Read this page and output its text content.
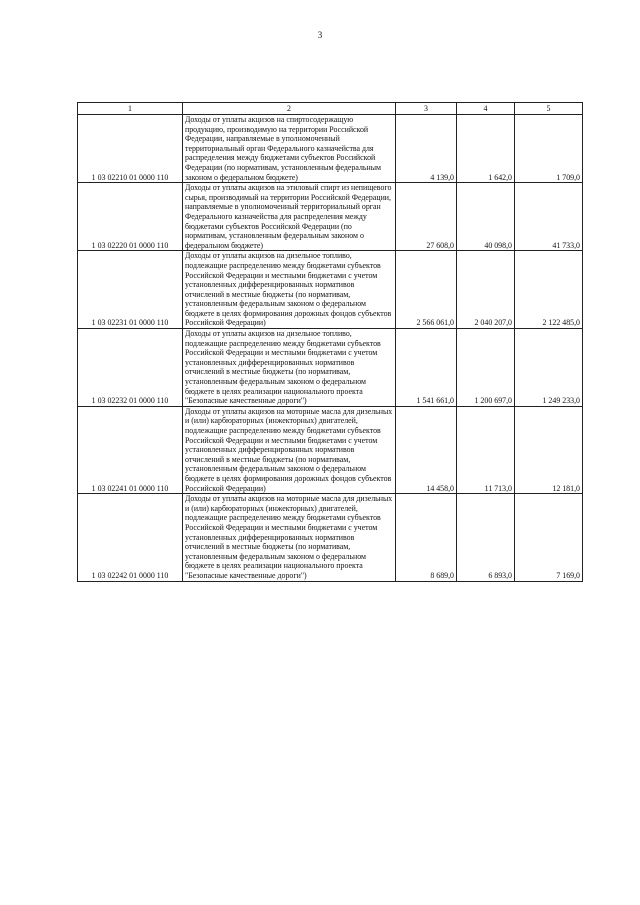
3
1	2	3	4	5
1 03 02210 01 0000 110	Доходы от уплаты акцизов на спиртосодержащую продукцию, производимую на территории Российской Федерации, направляемые в уполномоченный территориальный орган Федерального казначейства для распределения между бюджетами субъектов Российской Федерации (по нормативам, установленным федеральным законом о федеральном бюджете)	4 139,0	1 642,0	1 709,0
1 03 02220 01 0000 110	Доходы от уплаты акцизов на этиловый спирт из непищевого сырья, производимый на территории Российской Федерации, направляемые в уполномоченный территориальный орган Федерального казначейства для распределения между бюджетами субъектов Российской Федерации (по нормативам, установленным федеральным законом о федеральном бюджете)	27 608,0	40 098,0	41 733,0
1 03 02231 01 0000 110	Доходы от уплаты акцизов на дизельное топливо, подлежащие распределению между бюджетами субъектов Российской Федерации и местными бюджетами с учетом установленных дифференцированных нормативов отчислений в местные бюджеты (по нормативам, установленным федеральным законом о федеральном бюджете в целях формирования дорожных фондов субъектов Российской Федерации)	2 566 061,0	2 040 207,0	2 122 485,0
1 03 02232 01 0000 110	Доходы от уплаты акцизов на дизельное топливо, подлежащие распределению между бюджетами субъектов Российской Федерации и местными бюджетами с учетом установленных дифференцированных нормативов отчислений в местные бюджеты (по нормативам, установленным федеральным законом о федеральном бюджете в целях реализации национального проекта "Безопасные качественные дороги")	1 541 661,0	1 200 697,0	1 249 233,0
1 03 02241 01 0000 110	Доходы от уплаты акцизов на моторные масла для дизельных и (или) карбюраторных (инжекторных) двигателей, подлежащие распределению между бюджетами субъектов Российской Федерации и местными бюджетами с учетом установленных дифференцированных нормативов отчислений в местные бюджеты (по нормативам, установленным федеральным законом о федеральном бюджете в целях формирования дорожных фондов субъектов Российской Федерации)	14 458,0	11 713,0	12 181,0
1 03 02242 01 0000 110	Доходы от уплаты акцизов на моторные масла для дизельных и (или) карбюраторных (инжекторных) двигателей, подлежащие распределению между бюджетами субъектов Российской Федерации и местными бюджетами с учетом установленных дифференцированных нормативов отчислений в местные бюджеты (по нормативам, установленным федеральным законом о федеральном бюджете в целях реализации национального проекта "Безопасные качественные дороги")	8 689,0	6 893,0	7 169,0
